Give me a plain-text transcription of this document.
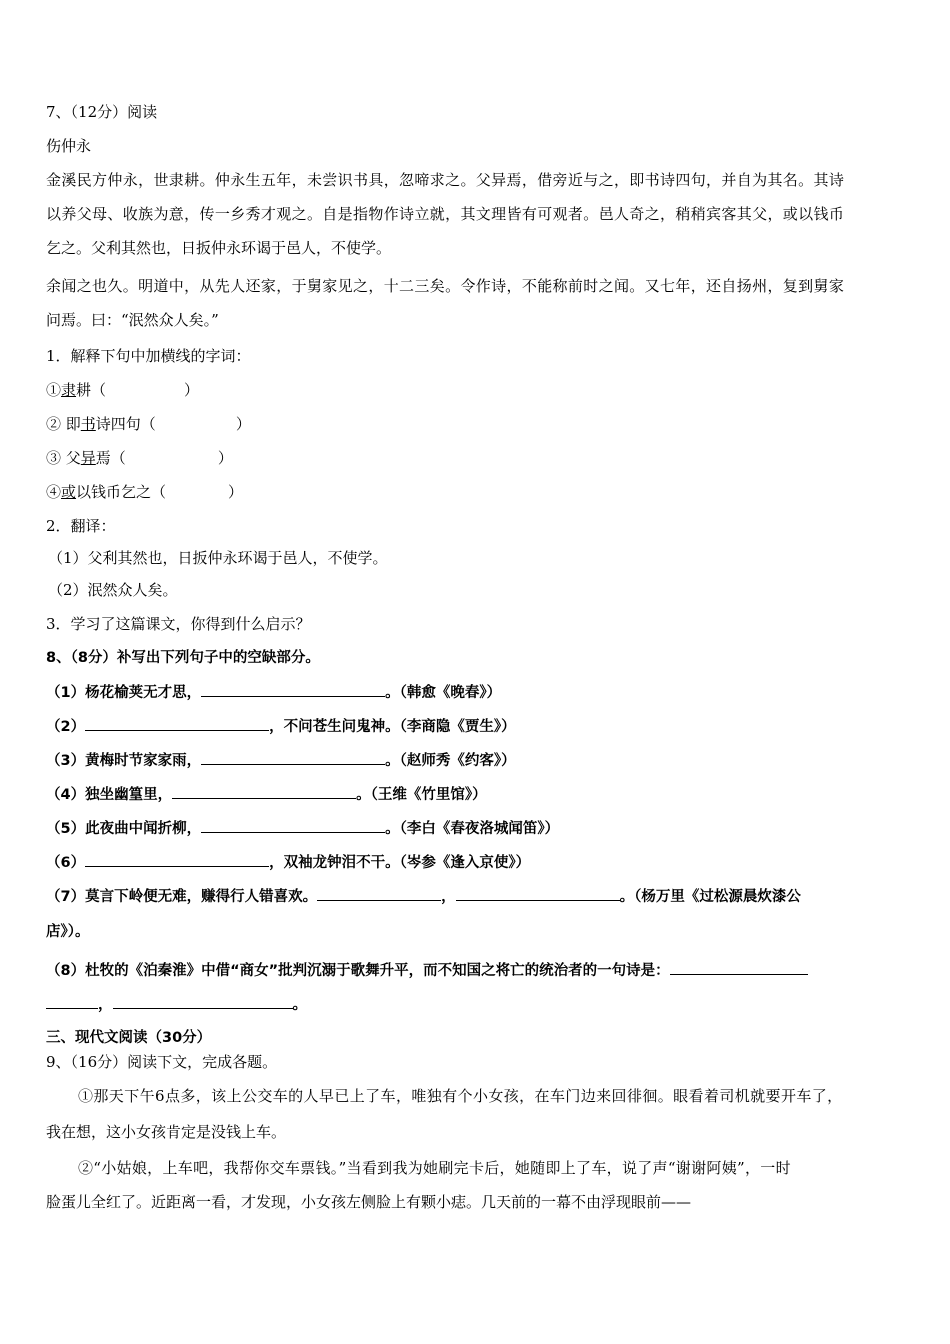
7、（12分）阅读
伤仲永
金溪民方仲永，世隶耕。仲永生五年，未尝识书具，忽啼求之。父异焉，借旁近与之，即书诗四句，并自为其名。其诗
以养父母、收族为意，传一乡秀才观之。自是指物作诗立就，其文理皆有可观者。邑人奇之，稍稍宾客其父，或以钱币
乞之。父利其然也，日扳仲永环谒于邑人，不使学。
余闻之也久。明道中，从先人还家，于舅家见之，十二三矣。令作诗，不能称前时之闻。又七年，还自扬州，复到舅家
问焉。曰：“泯然众人矣。”
1．解释下句中加横线的字词：
①隶耕（	）
② 即书诗四句（	）
③ 父异焉（	）
④或以钱币乞之（	）
2．翻译：
（1）父利其然也，日扳仲永环谒于邑人，不使学。
（2）泯然众人矣。
3．学习了这篇课文，你得到什么启示？
8、（8分）补写出下列句子中的空缺部分。
（1）杨花榆荚无才思，	。（韩愈《晚春》）
（2）	，不问苍生问鬼神。（李商隐《贾生》）
（3）黄梅时节家家雨，	。（赵师秀《约客》）
（4）独坐幽篁里，	。（王维《竹里馆》）
（5）此夜曲中闻折柳，	。（李白《春夜洛城闻笛》）
（6）	，双袖龙钟泪不干。（岑参《逢入京使》）
（7）莫言下岭便无难，赚得行人错喜欢。	，	。（杨万里《过松源晨炊漆公
店》）。
（8）杜牧的《泊秦淮》中借“商女”批判沉溺于歌舞升平，而不知国之将亡的统治者的一句诗是：
，	。
三、现代文阅读（30分）
9、（16分）阅读下文，完成各题。
①那天下午6点多，该上公交车的人早已上了车，唯独有个小女孩，在车门边来回徘徊。眼看着司机就要开车了，
我在想，这小女孩肯定是没钱上车。
②“小姑娘，上车吧，我帮你交车票钱。”当看到我为她刷完卡后，她随即上了车，说了声“谢谢阿姨”，一时
脸蛋儿全红了。近距离一看，才发现，小女孩左侧脸上有颗小痣。几天前的一幕不由浮现眼前——
